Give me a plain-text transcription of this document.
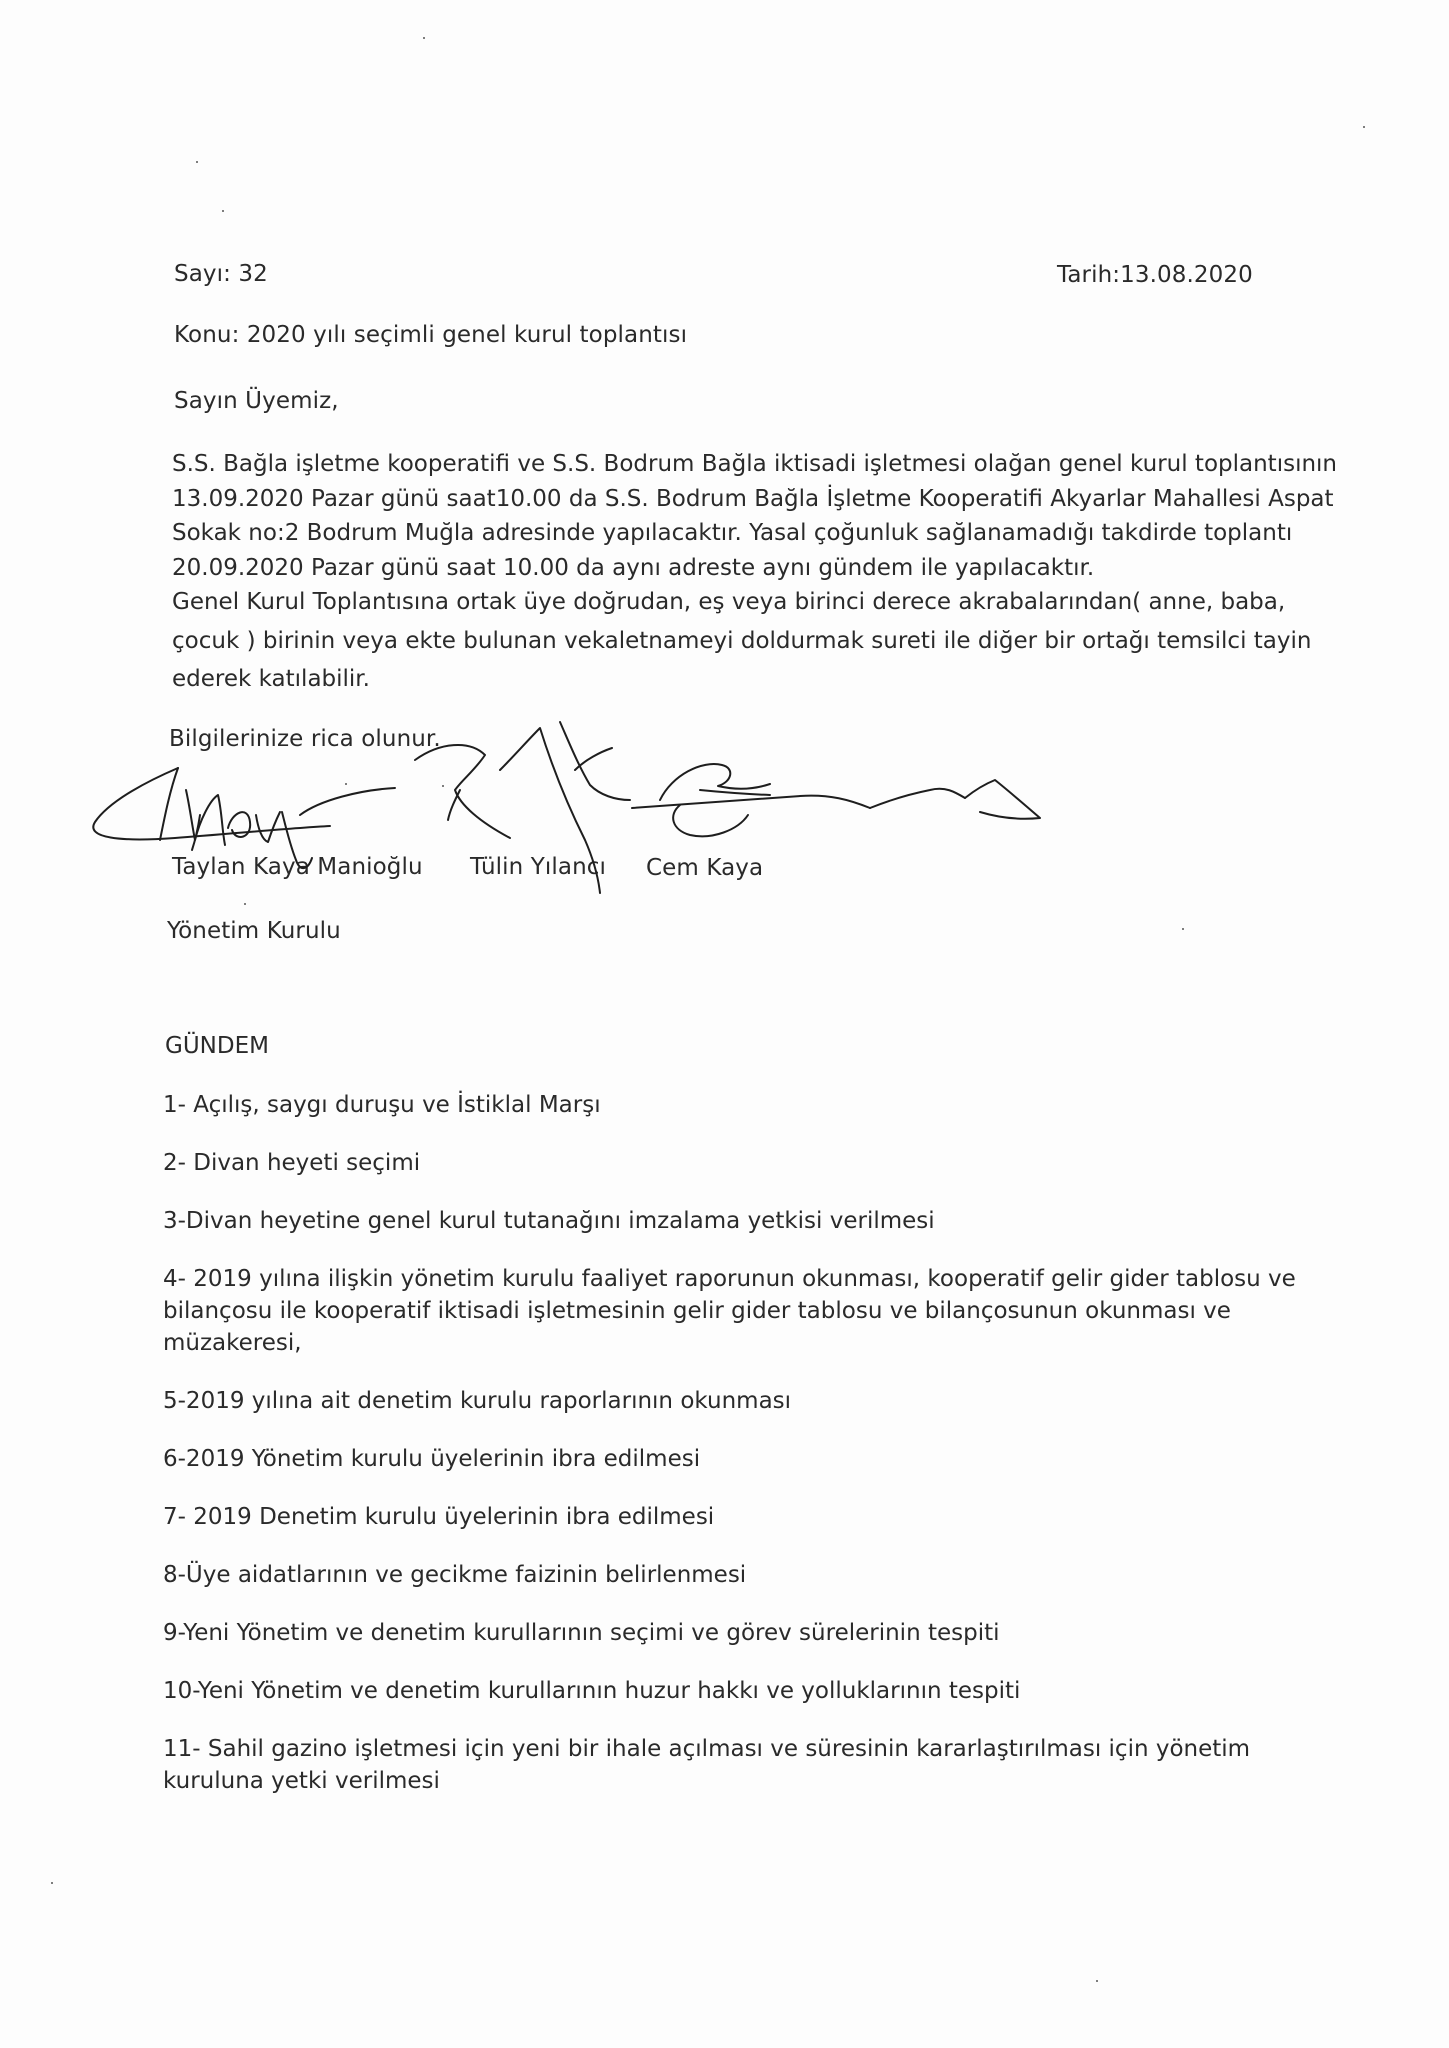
Sayı: 32	Tarih:13.08.2020
Konu: 2020 yılı seçimli genel kurul toplantısı
Sayın Üyemiz,
S.S. Bağla işletme kooperatifi ve S.S. Bodrum Bağla iktisadi işletmesi olağan genel kurul toplantısının
13.09.2020 Pazar günü saat10.00 da S.S. Bodrum Bağla İşletme Kooperatifi Akyarlar Mahallesi Aspat
Sokak no:2 Bodrum Muğla adresinde yapılacaktır. Yasal çoğunluk sağlanamadığı takdirde toplantı
20.09.2020 Pazar günü saat 10.00 da aynı adreste aynı gündem ile yapılacaktır.
Genel Kurul Toplantısına ortak üye doğrudan, eş veya birinci derece akrabalarından( anne, baba,
çocuk ) birinin veya ekte bulunan vekaletnameyi doldurmak sureti ile diğer bir ortağı temsilci tayin
ederek katılabilir.
Bilgilerinize rica olunur.
Taylan Kaya Manioğlu Tülin Yılancı Cem Kaya
Yönetim Kurulu
GÜNDEM
1- Açılış, saygı duruşu ve İstiklal Marşı
2- Divan heyeti seçimi
3-Divan heyetine genel kurul tutanağını imzalama yetkisi verilmesi
4- 2019 yılına ilişkin yönetim kurulu faaliyet raporunun okunması, kooperatif gelir gider tablosu ve
bilançosu ile kooperatif iktisadi işletmesinin gelir gider tablosu ve bilançosunun okunması ve
müzakeresi,
5-2019 yılına ait denetim kurulu raporlarının okunması
6-2019 Yönetim kurulu üyelerinin ibra edilmesi
7- 2019 Denetim kurulu üyelerinin ibra edilmesi
8-Üye aidatlarının ve gecikme faizinin belirlenmesi
9-Yeni Yönetim ve denetim kurullarının seçimi ve görev sürelerinin tespiti
10-Yeni Yönetim ve denetim kurullarının huzur hakkı ve yolluklarının tespiti
11- Sahil gazino işletmesi için yeni bir ihale açılması ve süresinin kararlaştırılması için yönetim
kuruluna yetki verilmesi
